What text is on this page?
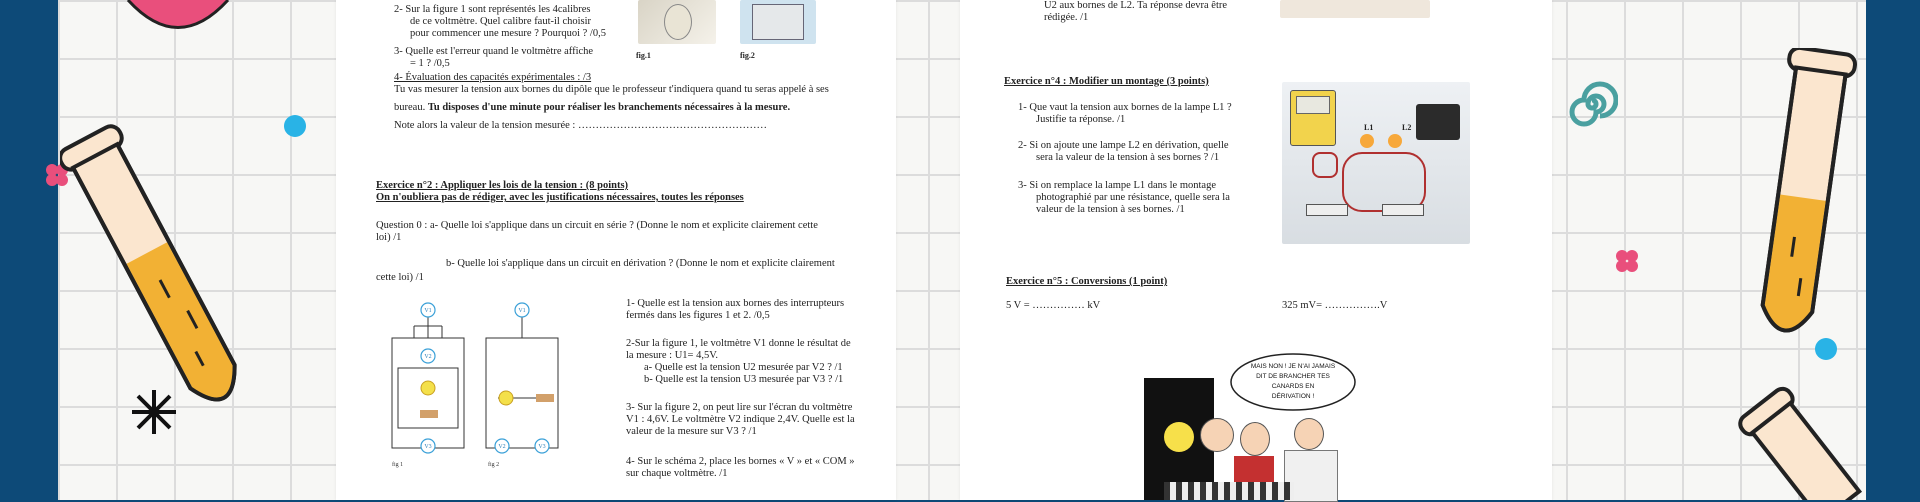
2- Sur la figure 1 sont représentés les 4calibres
de ce voltmètre. Quel calibre faut-il choisir
pour commencer une mesure ? Pourquoi ? /0,5
3- Quelle est l'erreur quand le voltmètre affiche
= 1 ? /0,5
fig.1	fig.2
4- Évaluation des capacités expérimentales : /3
Tu vas mesurer la tension aux bornes du dipôle que le professeur t'indiquera quand tu seras appelé à ses
bureau. Tu disposes d'une minute pour réaliser les branchements nécessaires à la mesure.
Note alors la valeur de la tension mesurée : ………………………………………………
Exercice n°2 : Appliquer les lois de la tension : (8 points)
On n'oubliera pas de rédiger, avec les justifications nécessaires, toutes les réponses
Question 0 : a- Quelle loi s'applique dans un circuit en série ? (Donne le nom et explicite clairement cette
loi) /1
b- Quelle loi s'applique dans un circuit en dérivation ? (Donne le nom et explicite clairement
cette loi) /1
V1
V2
V3
V1
V2	V3
fig 1	fig 2
1- Quelle est la tension aux bornes des interrupteurs
fermés dans les figures 1 et 2. /0,5
2-Sur la figure 1, le voltmètre V1 donne le résultat de
la mesure : U1= 4,5V.
a- Quelle est la tension U2 mesurée par V2 ? /1
b- Quelle est la tension U3 mesurée par V3 ? /1
3- Sur la figure 2, on peut lire sur l'écran du voltmètre
V1 : 4,6V. Le voltmètre V2 indique 2,4V. Quelle est la
valeur de la mesure sur V3 ? /1
4- Sur le schéma 2, place les bornes « V » et « COM »
sur chaque voltmètre. /1
U2 aux bornes de L2. Ta réponse devra être
rédigée. /1
Exercice n°4 : Modifier un montage (3 points)
1- Que vaut la tension aux bornes de la lampe L1 ?
Justifie ta réponse. /1
2- Si on ajoute une lampe L2 en dérivation, quelle
sera la valeur de la tension à ses bornes ? /1
3- Si on remplace la lampe L1 dans le montage
photographié par une résistance, quelle sera la
valeur de la tension à ses bornes. /1
L1	L2
Exercice n°5 : Conversions (1 point)
5 V = …………… kV	325 mV= …………….V
MAIS NON ! JE N'AI JAMAIS
DIT DE BRANCHER TES
CANARDS EN
DÉRIVATION !
